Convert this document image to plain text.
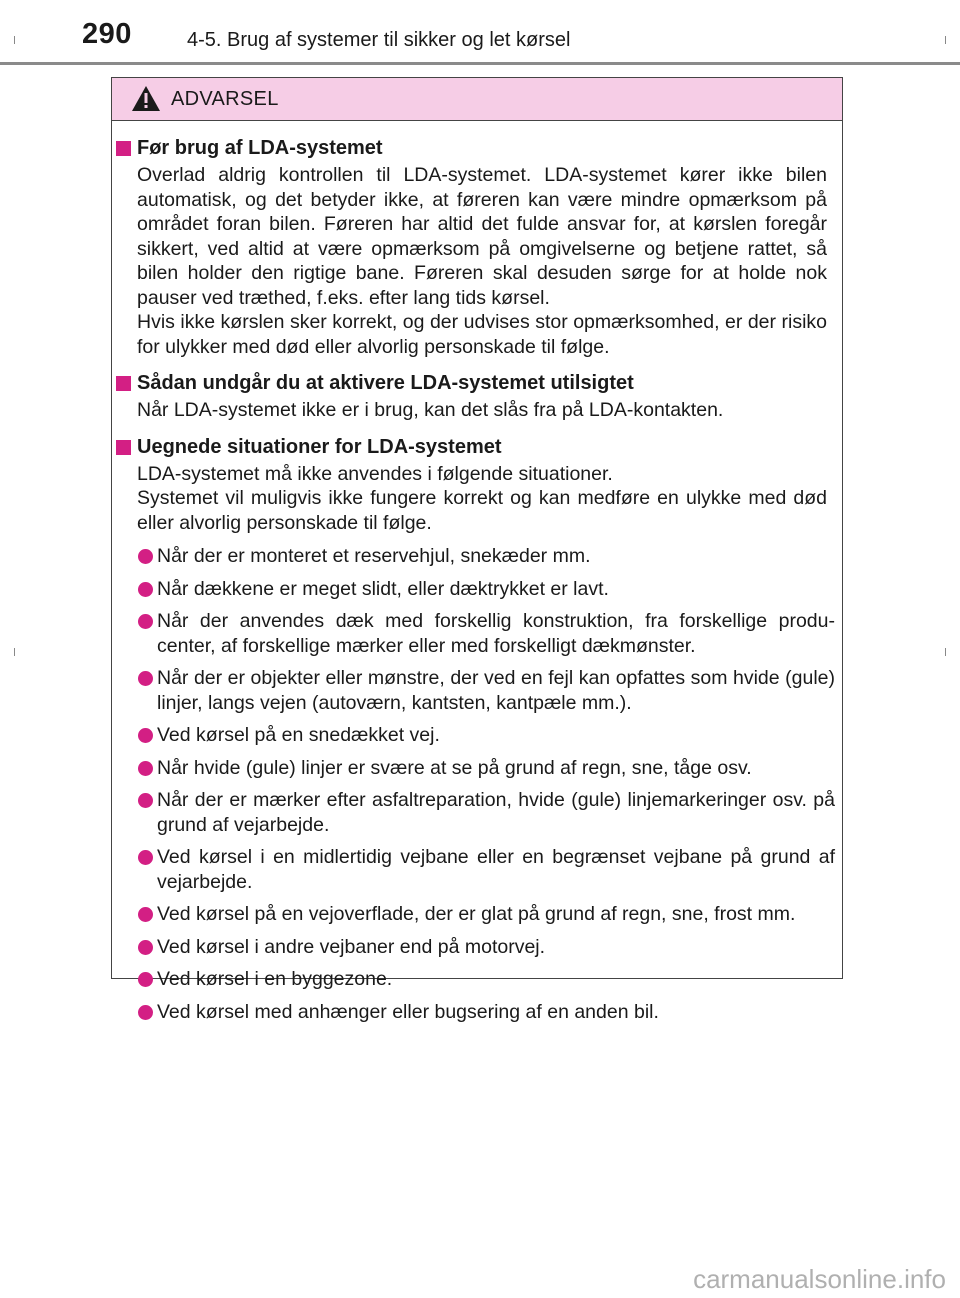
290	4-5. Brug af systemer til sikker og let kørsel
ADVARSEL
Før brug af LDA-systemet

Overlad aldrig kontrollen til LDA-systemet. LDA-systemet kører ikke bilen automatisk, og det betyder ikke, at føreren kan være mindre opmærksom på området foran bilen. Føreren har altid det fulde ansvar for, at kørslen foregår sikkert, ved altid at være opmærksom på omgivelserne og betjene rattet, så bilen holder den rigtige bane. Føreren skal desuden sørge for at holde nok pauser ved træthed, f.eks. efter lang tids kørsel.

Hvis ikke kørslen sker korrekt, og der udvises stor opmærksomhed, er der risiko for ulykker med død eller alvorlig personskade til følge.

Sådan undgår du at aktivere LDA-systemet utilsigtet

Når LDA-systemet ikke er i brug, kan det slås fra på LDA-kontakten.

Uegnede situationer for LDA-systemet

LDA-systemet må ikke anvendes i følgende situationer.

Systemet vil muligvis ikke fungere korrekt og kan medføre en ulykke med død eller alvorlig personskade til følge.

Når der er monteret et reservehjul, snekæder mm.
Når dækkene er meget slidt, eller dæktrykket er lavt.
Når der anvendes dæk med forskellig konstruktion, fra forskellige produ-center, af forskellige mærker eller med forskelligt dækmønster.
Når der er objekter eller mønstre, der ved en fejl kan opfattes som hvide (gule) linjer, langs vejen (autoværn, kantsten, kantpæle mm.).
Ved kørsel på en snedækket vej.
Når hvide (gule) linjer er svære at se på grund af regn, sne, tåge osv.
Når der er mærker efter asfaltreparation, hvide (gule) linjemarkeringer osv. på grund af vejarbejde.
Ved kørsel i en midlertidig vejbane eller en begrænset vejbane på grund af vejarbejde.
Ved kørsel på en vejoverflade, der er glat på grund af regn, sne, frost mm.
Ved kørsel i andre vejbaner end på motorvej.
Ved kørsel i en byggezone.
Ved kørsel med anhænger eller bugsering af en anden bil.
carmanualsonline.info
